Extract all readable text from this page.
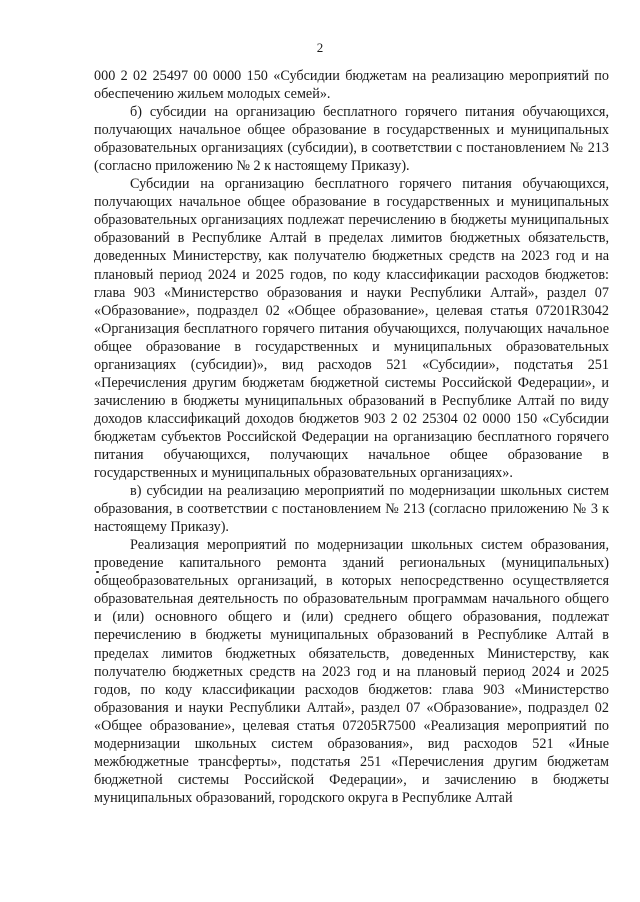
2

000 2 02 25497 00 0000 150 «Субсидии бюджетам на реализацию мероприятий по обеспечению жильем молодых семей».

б) субсидии на организацию бесплатного горячего питания обучающихся, получающих начальное общее образование в государственных и муниципальных образовательных организациях (субсидии), в соответствии с постановлением № 213 (согласно приложению № 2 к настоящему Приказу).

Субсидии на организацию бесплатного горячего питания обучающихся, получающих начальное общее образование в государственных и муниципальных образовательных организациях подлежат перечислению в бюджеты муниципальных образований в Республике Алтай в пределах лимитов бюджетных обязательств, доведенных Министерству, как получателю бюджетных средств на 2023 год и на плановый период 2024 и 2025 годов, по коду классификации расходов бюджетов: глава 903 «Министерство образования и науки Республики Алтай», раздел 07 «Образование», подраздел 02 «Общее образование», целевая статья 07201R3042 «Организация бесплатного горячего питания обучающихся, получающих начальное общее образование в государственных и муниципальных образовательных организациях (субсидии)», вид расходов 521 «Субсидии», подстатья 251 «Перечисления другим бюджетам бюджетной системы Российской Федерации», и зачислению в бюджеты муниципальных образований в Республике Алтай по виду доходов классификаций доходов бюджетов 903 2 02 25304 02 0000 150 «Субсидии бюджетам субъектов Российской Федерации на организацию бесплатного горячего питания обучающихся, получающих начальное общее образование в государственных и муниципальных образовательных организациях».

в) субсидии на реализацию мероприятий по модернизации школьных систем образования, в соответствии с постановлением № 213 (согласно приложению № 3 к настоящему Приказу).

Реализация мероприятий по модернизации школьных систем образования, проведение капитального ремонта зданий региональных (муниципальных) общеобразовательных организаций, в которых непосредственно осуществляется образовательная деятельность по образовательным программам начального общего и (или) основного общего и (или) среднего общего образования, подлежат перечислению в бюджеты муниципальных образований в Республике Алтай в пределах лимитов бюджетных обязательств, доведенных Министерству, как получателю бюджетных средств на 2023 год и на плановый период 2024 и 2025 годов, по коду классификации расходов бюджетов: глава 903 «Министерство образования и науки Республики Алтай», раздел 07 «Образование», подраздел 02 «Общее образование», целевая статья 07205R7500 «Реализация мероприятий по модернизации школьных систем образования», вид расходов 521 «Иные межбюджетные трансферты», подстатья 251 «Перечисления другим бюджетам бюджетной системы Российской Федерации», и зачислению в бюджеты муниципальных образований, городского округа в Республике Алтай
